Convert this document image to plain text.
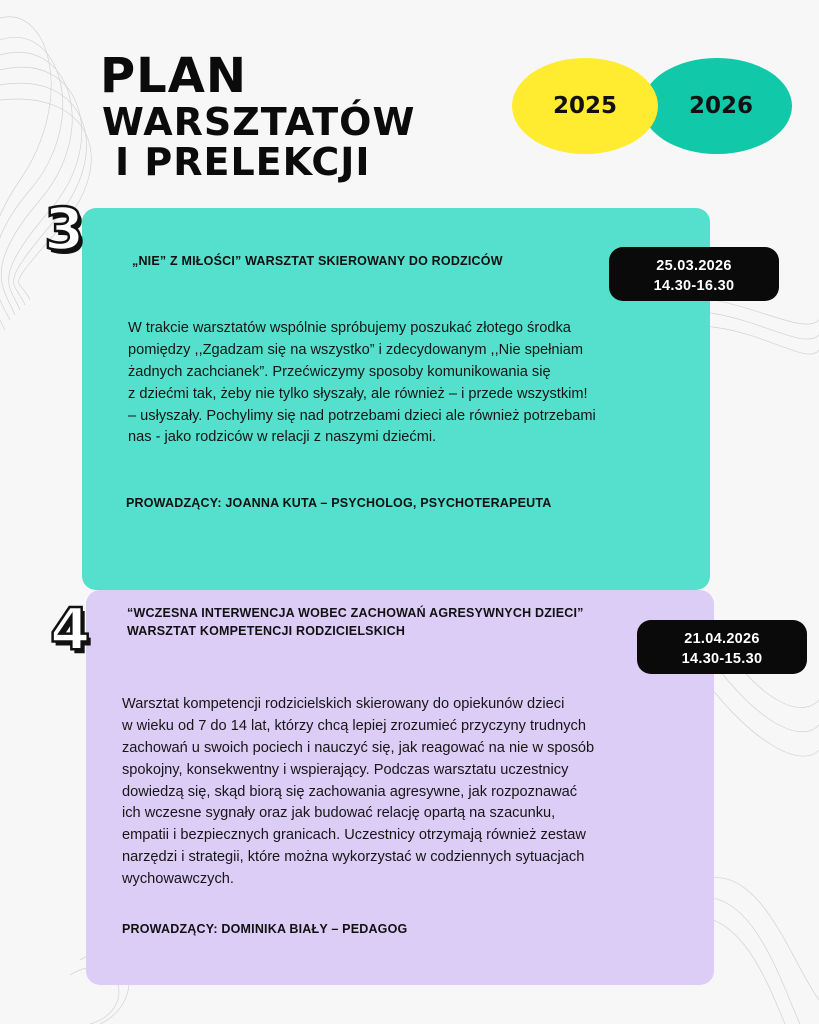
PLAN
WARSZTATÓW
I PRELEKCJI
2025	2026
3	„NIE” Z MIŁOŚCI” WARSZTAT SKIEROWANY DO RODZICÓW	25.03.2026
14.30-16.30
W trakcie warsztatów wspólnie spróbujemy poszukać złotego środka
pomiędzy ,,Zgadzam się na wszystko” i zdecydowanym ,,Nie spełniam
żadnych zachcianek”. Przećwiczymy sposoby komunikowania się
z dziećmi tak, żeby nie tylko słyszały, ale również – i przede wszystkim!
– usłyszały. Pochylimy się nad potrzebami dzieci ale również potrzebami
nas - jako rodziców w relacji z naszymi dziećmi.
PROWADZĄCY: JOANNA KUTA – PSYCHOLOG, PSYCHOTERAPEUTA
4	“WCZESNA INTERWENCJA WOBEC ZACHOWAŃ AGRESYWNYCH DZIECI”
WARSZTAT KOMPETENCJI RODZICIELSKICH	21.04.2026
14.30-15.30
Warsztat kompetencji rodzicielskich skierowany do opiekunów dzieci
w wieku od 7 do 14 lat, którzy chcą lepiej zrozumieć przyczyny trudnych
zachowań u swoich pociech i nauczyć się, jak reagować na nie w sposób
spokojny, konsekwentny i wspierający. Podczas warsztatu uczestnicy
dowiedzą się, skąd biorą się zachowania agresywne, jak rozpoznawać
ich wczesne sygnały oraz jak budować relację opartą na szacunku,
empatii i bezpiecznych granicach. Uczestnicy otrzymają również zestaw
narzędzi i strategii, które można wykorzystać w codziennych sytuacjach
wychowawczych.
PROWADZĄCY: DOMINIKA BIAŁY – PEDAGOG
